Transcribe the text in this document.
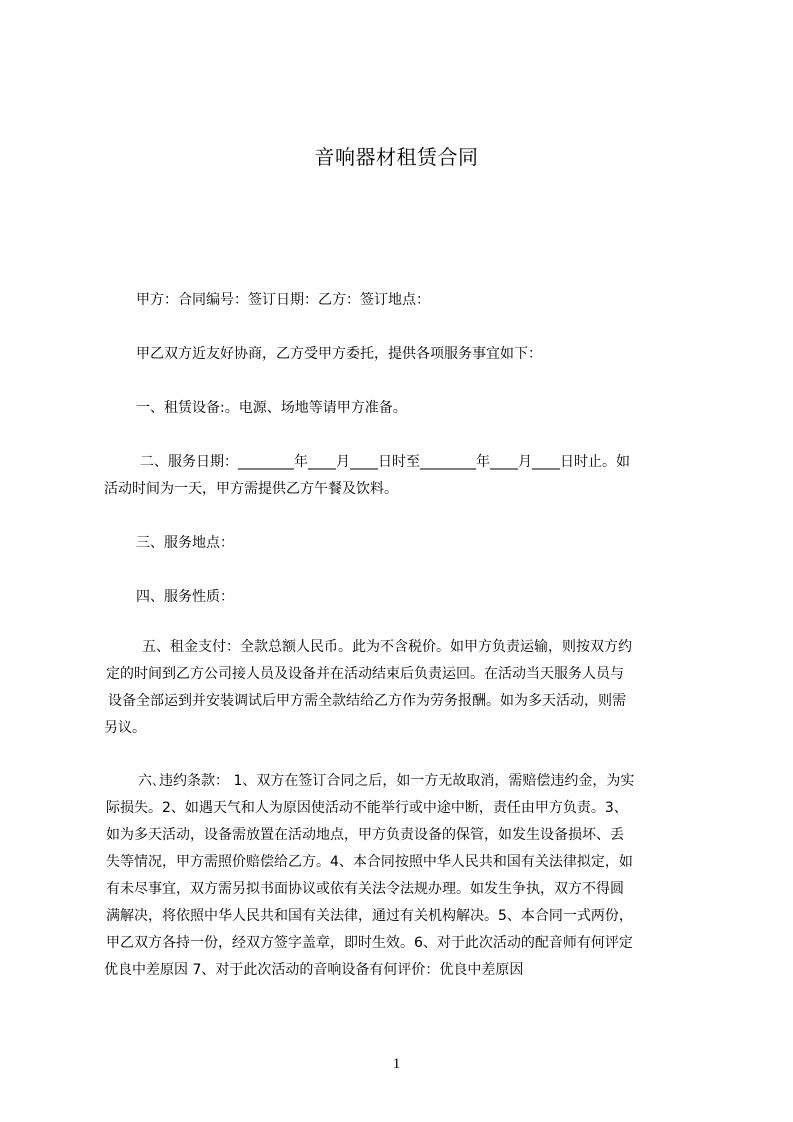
音响器材租赁合同
甲方：合同编号：签订日期：乙方：签订地点：
甲乙双方近友好协商，乙方受甲方委托，提供各项服务事宜如下：
一、租赁设备:。电源、场地等请甲方准备。
二、服务日期：________年____月____日时至________年____月____日时止。如
活动时间为一天，甲方需提供乙方午餐及饮料。
三、服务地点：
四、服务性质：
五、租金支付：全款总额人民币。此为不含税价。如甲方负责运输，则按双方约
定的时间到乙方公司接人员及设备并在活动结束后负责运回。在活动当天服务人员与
设备全部运到并安装调试后甲方需全款结给乙方作为劳务报酬。如为多天活动，则需
另议。
六､违约条款： 1、双方在签订合同之后，如一方无故取消，需赔偿违约金，为实
际损失。2、如遇天气和人为原因使活动不能举行或中途中断，责任由甲方负责。3、
如为多天活动，设备需放置在活动地点，甲方负责设备的保管，如发生设备损坏、丢
失等情况，甲方需照价赔偿给乙方。4、本合同按照中华人民共和国有关法律拟定，如
有未尽事宜，双方需另拟书面协议或依有关法令法规办理。如发生争执，双方不得圆
满解决，将依照中华人民共和国有关法律，通过有关机构解决。5、本合同一式两份，
甲乙双方各持一份，经双方签字盖章，即时生效。6、对于此次活动的配音师有何评定
优良中差原因 7、对于此次活动的音响设备有何评价：优良中差原因
1
